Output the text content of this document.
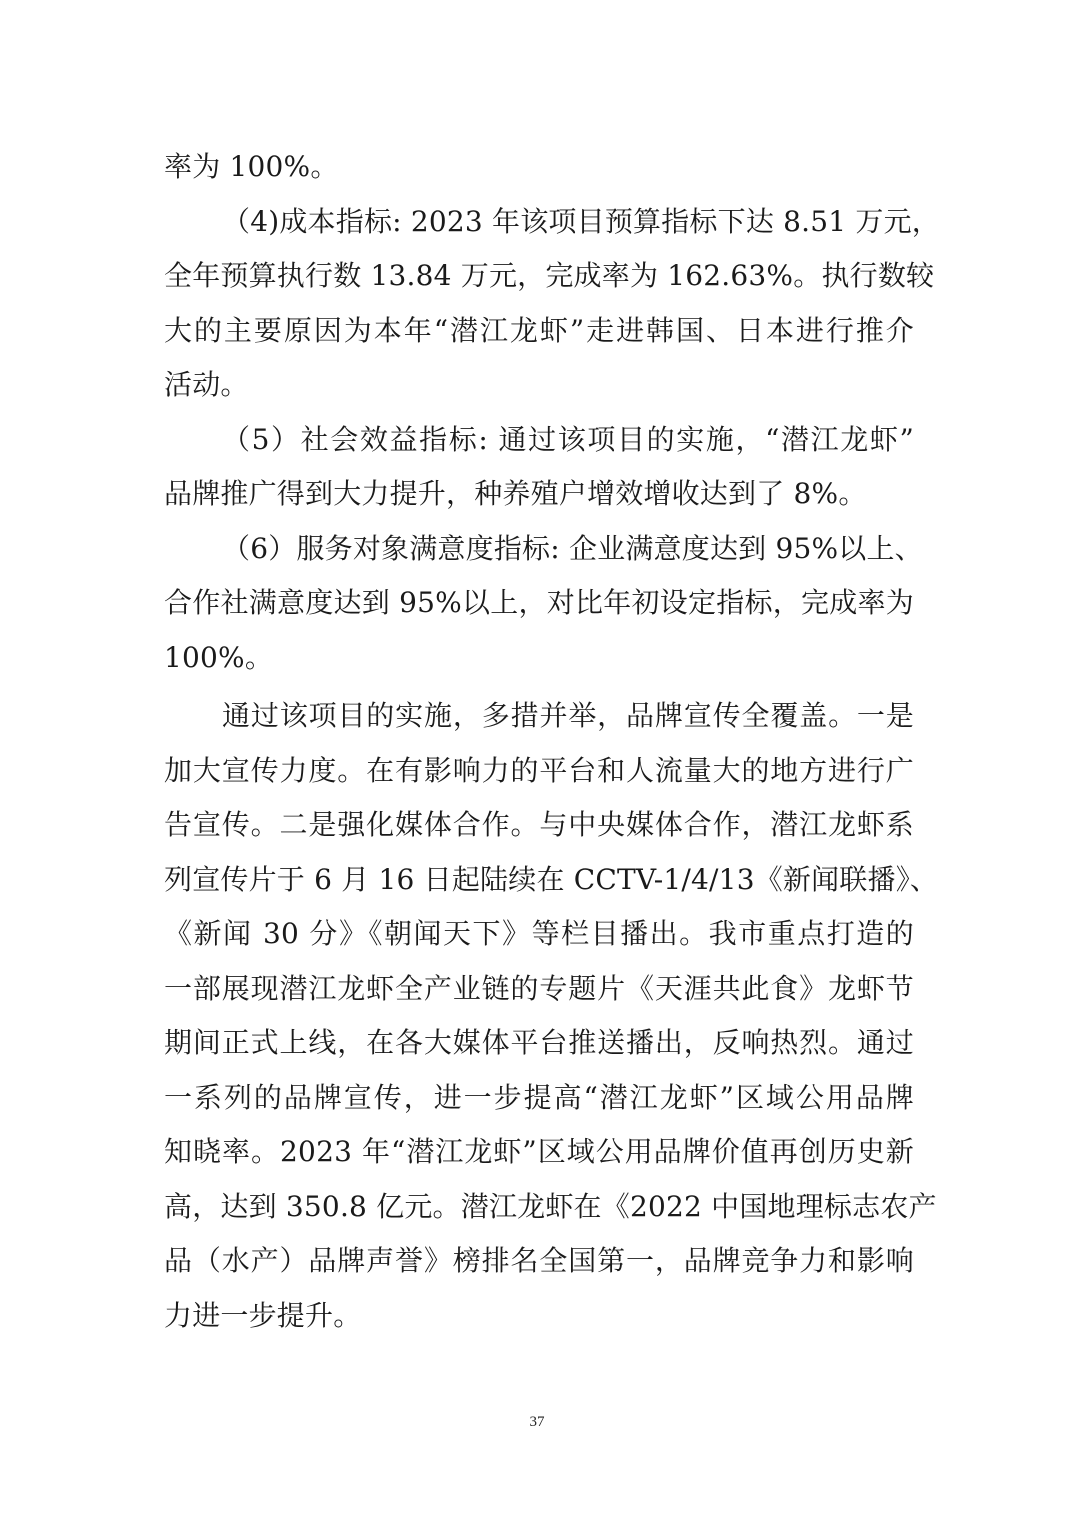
率为 100%。
（4)成本指标: 2023 年该项目预算指标下达 8.51 万元，
全年预算执行数 13.84 万元，完成率为 162.63%。执行数较
大的主要原因为本年“潜江龙虾”走进韩国、日本进行推介
活动。
（5）社会效益指标: 通过该项目的实施，“潜江龙虾”
品牌推广得到大力提升，种养殖户增效增收达到了 8%。
（6）服务对象满意度指标: 企业满意度达到 95%以上、
合作社满意度达到 95%以上，对比年初设定指标，完成率为
100%。
通过该项目的实施，多措并举，品牌宣传全覆盖。一是
加大宣传力度。在有影响力的平台和人流量大的地方进行广
告宣传。二是强化媒体合作。与中央媒体合作，潜江龙虾系
列宣传片于 6 月 16 日起陆续在 CCTV-1/4/13《新闻联播》、
《新闻 30 分》《朝闻天下》等栏目播出。我市重点打造的
一部展现潜江龙虾全产业链的专题片《天涯共此食》龙虾节
期间正式上线，在各大媒体平台推送播出，反响热烈。通过
一系列的品牌宣传，进一步提高“潜江龙虾”区域公用品牌
知晓率。2023 年“潜江龙虾”区域公用品牌价值再创历史新
高，达到 350.8 亿元。潜江龙虾在《2022 中国地理标志农产
品（水产）品牌声誉》榜排名全国第一，品牌竞争力和影响
力进一步提升。
37
